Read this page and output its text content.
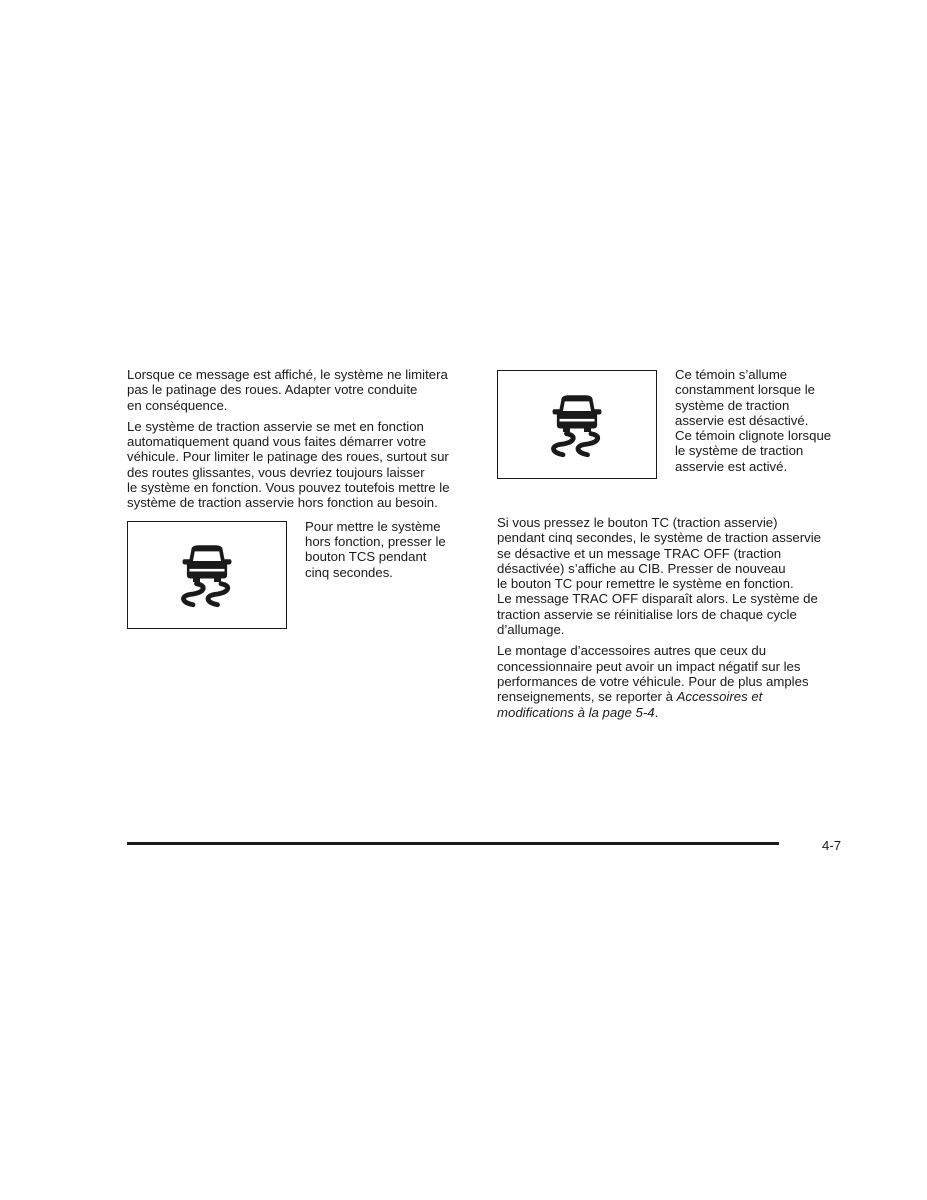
Lorsque ce message est affiché, le système ne limitera
pas le patinage des roues. Adapter votre conduite
en conséquence.
Le système de traction asservie se met en fonction
automatiquement quand vous faites démarrer votre
véhicule. Pour limiter le patinage des roues, surtout sur
des routes glissantes, vous devriez toujours laisser
le système en fonction. Vous pouvez toutefois mettre le
système de traction asservie hors fonction au besoin.
Pour mettre le système
hors fonction, presser le
bouton TCS pendant
cinq secondes.
Ce témoin s’allume
constamment lorsque le
système de traction
asservie est désactivé.
Ce témoin clignote lorsque
le système de traction
asservie est activé.
Si vous pressez le bouton TC (traction asservie)
pendant cinq secondes, le système de traction asservie
se désactive et un message TRAC OFF (traction
désactivée) s’affiche au CIB. Presser de nouveau
le bouton TC pour remettre le système en fonction.
Le message TRAC OFF disparaît alors. Le système de
traction asservie se réinitialise lors de chaque cycle
d’allumage.
Le montage d’accessoires autres que ceux du
concessionnaire peut avoir un impact négatif sur les
performances de votre véhicule. Pour de plus amples
renseignements, se reporter à Accessoires et
modifications à la page 5-4.
4-7
